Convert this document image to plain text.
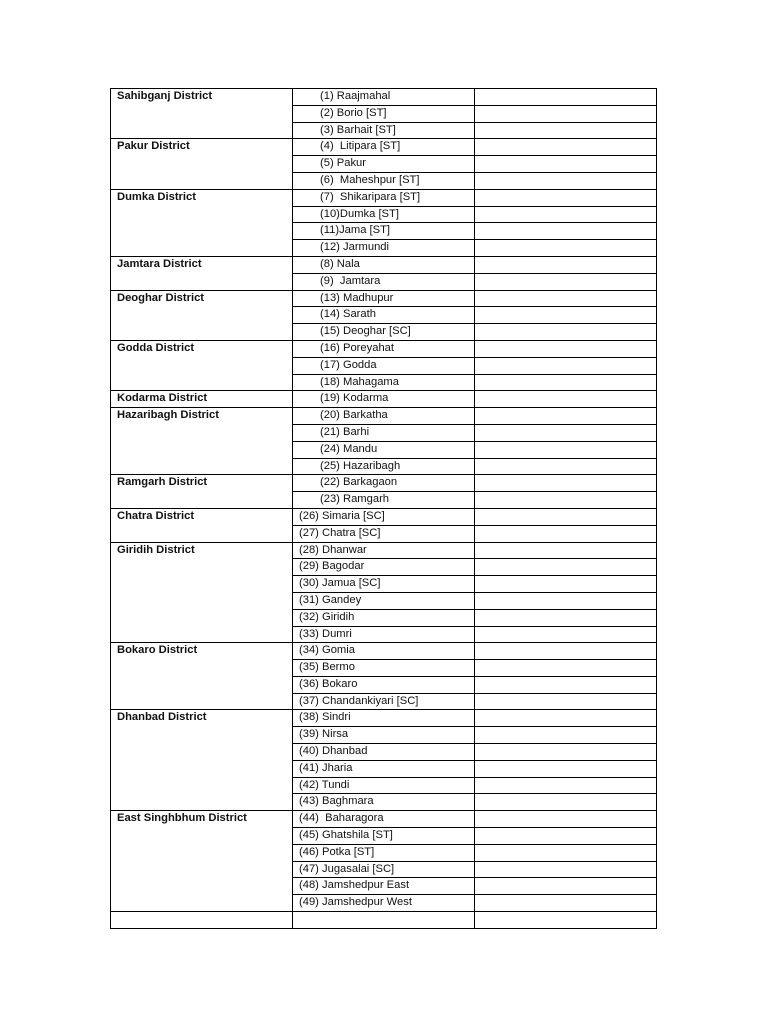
Sahibganj District	(1) Raajmahal	
	(2) Borio [ST]	
	(3) Barhait [ST]	
Pakur District	(4)  Litipara [ST]	
	(5) Pakur	
	(6)  Maheshpur [ST]	
Dumka District	(7)  Shikaripara [ST]	
	(10)Dumka [ST]	
	(11)Jama [ST]	
	(12) Jarmundi	
Jamtara District	(8) Nala	
	(9)  Jamtara	
Deoghar District	(13) Madhupur	
	(14) Sarath	
	(15) Deoghar [SC]	
Godda District	(16) Poreyahat	
	(17) Godda	
	(18) Mahagama	
Kodarma District	(19) Kodarma	
Hazaribagh District	(20) Barkatha	
	(21) Barhi	
	(24) Mandu	
	(25) Hazaribagh	
Ramgarh District	(22) Barkagaon	
	(23) Ramgarh	
Chatra District	(26) Simaria [SC]	
	(27) Chatra [SC]	
Giridih District	(28) Dhanwar	
	(29) Bagodar	
	(30) Jamua [SC]	
	(31) Gandey	
	(32) Giridih	
	(33) Dumri	
Bokaro District	(34) Gomia	
	(35) Bermo	
	(36) Bokaro	
	(37) Chandankiyari [SC]	
Dhanbad District	(38) Sindri	
	(39) Nirsa	
	(40) Dhanbad	
	(41) Jharia	
	(42) Tundi	
	(43) Baghmara	
East Singhbhum District	(44)  Baharagora	
	(45) Ghatshila [ST]	
	(46) Potka [ST]	
	(47) Jugasalai [SC]	
	(48) Jamshedpur East	
	(49) Jamshedpur West	
